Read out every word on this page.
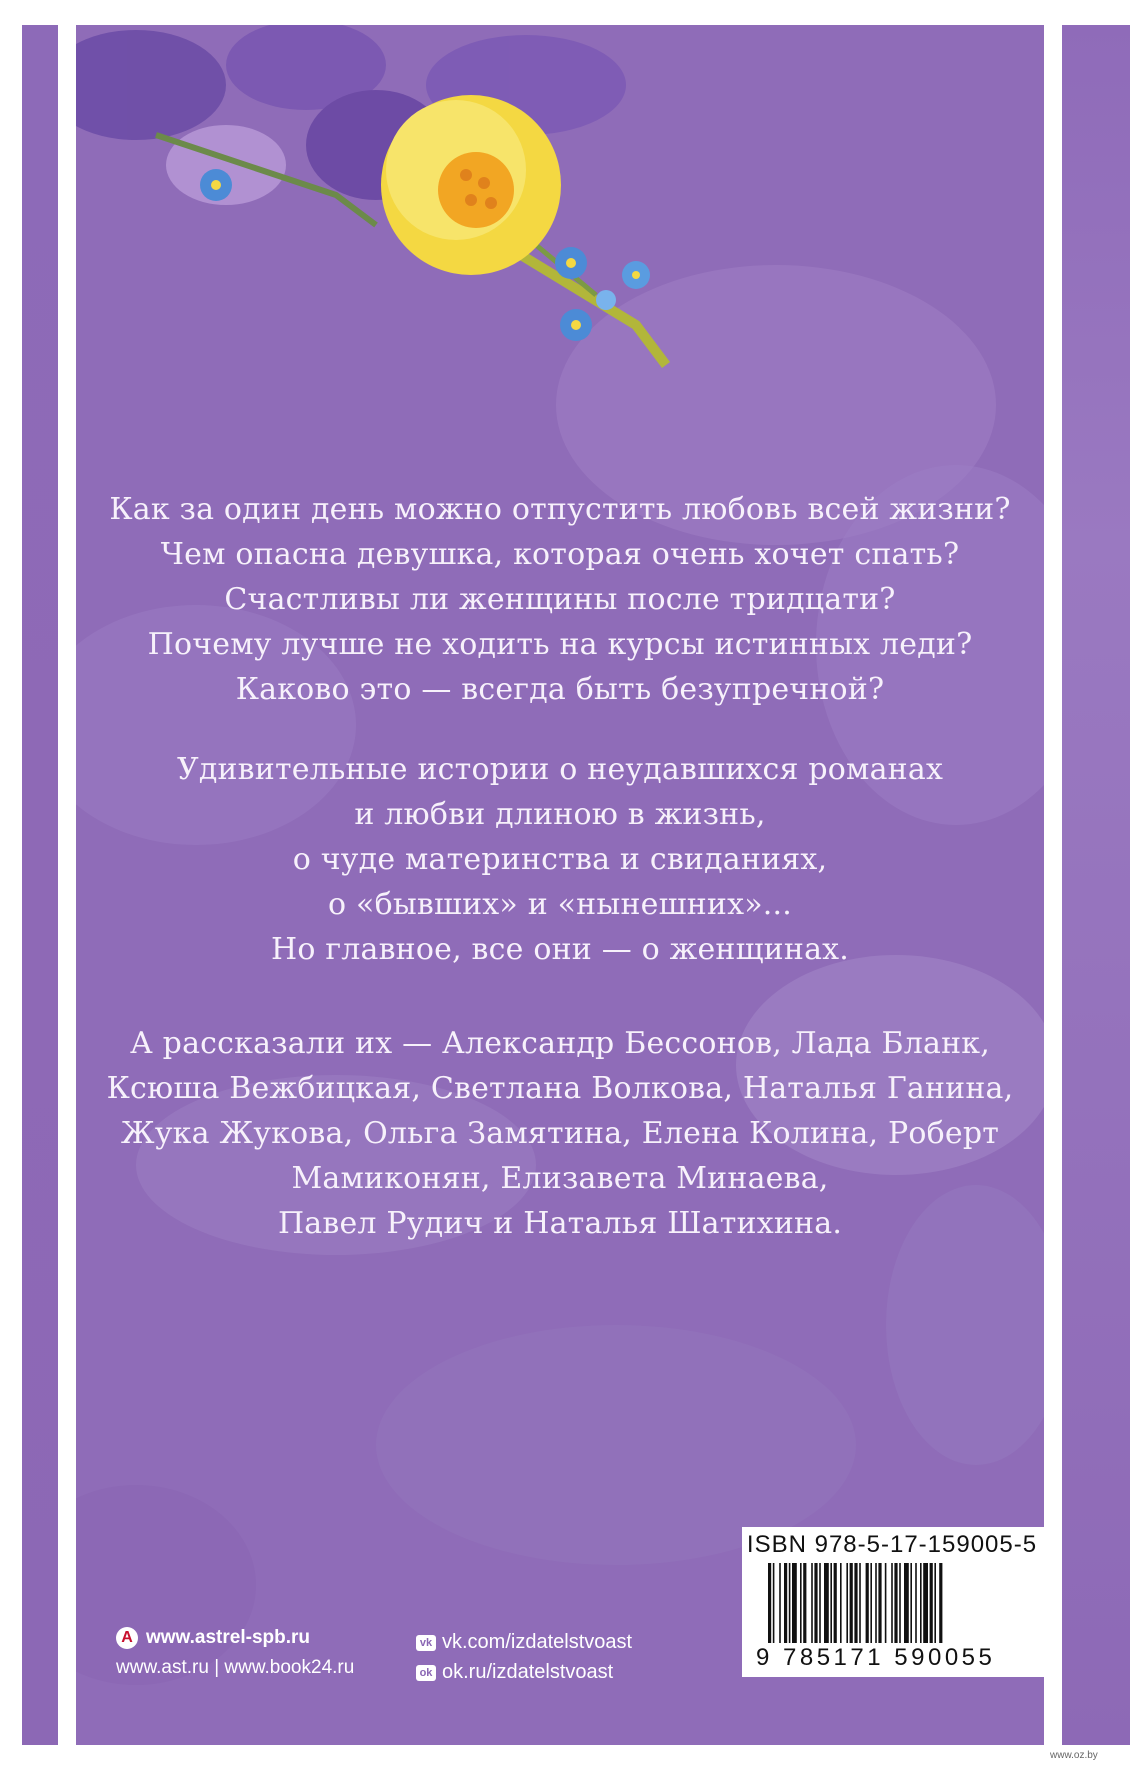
Как за один день можно отпустить любовь всей жизни?
Чем опасна девушка, которая очень хочет спать?
Счастливы ли женщины после тридцати?
Почему лучше не ходить на курсы истинных леди?
Каково это — всегда быть безупречной?
Удивительные истории о неудавшихся романах
и любви длиною в жизнь,
о чуде материнства и свиданиях,
о «бывших» и «нынешних»...
Но главное, все они — о женщинах.
А рассказали их — Александр Бессонов, Лада Бланк,
Ксюша Вежбицкая, Светлана Волкова, Наталья Ганина,
Жука Жукова, Ольга Замятина, Елена Колина, Роберт
Мамиконян, Елизавета Минаева,
Павел Рудич и Наталья Шатихина.
А www.astrel-spb.ru
www.ast.ru | www.book24.ru
vk vk.com/izdatelstvoast
ok ok.ru/izdatelstvoast
ISBN 978-5-17-159005-5
9 785171 590055
www.oz.by
